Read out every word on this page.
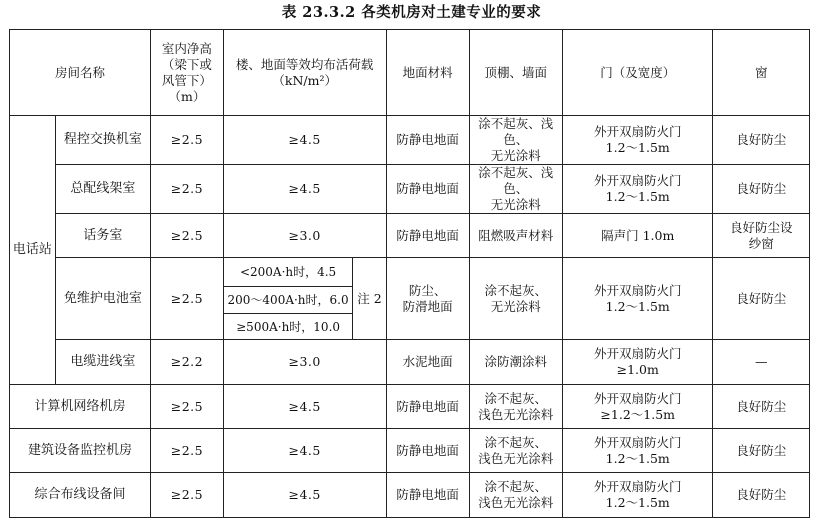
表 23.3.2 各类机房对土建专业的要求
房间名称		室内净高
（梁下或
风管下）
（m）	楼、地面等效均布活荷载
（kN/m²）		地面材料	顶棚、墙面	门（及宽度）	窗
电话站	程控交换机室	≥2.5	≥4.5		防静电地面	涂不起灰、浅色、
无光涂料	外开双扇防火门
1.2～1.5m	良好防尘
	总配线架室	≥2.5	≥4.5		防静电地面	涂不起灰、浅色、
无光涂料	外开双扇防火门
1.2～1.5m	良好防尘
	话务室	≥2.5	≥3.0		防静电地面	阻燃吸声材料	隔声门 1.0m	良好防尘设
纱窗
	免维护电池室	≥2.5	<200A·h时，4.5	注 2	防尘、
防滑地面	涂不起灰、
无光涂料	外开双扇防火门
1.2～1.5m	良好防尘
			200～400A·h时，6.0					
			≥500A·h时，10.0					
	电缆进线室	≥2.2	≥3.0		水泥地面	涂防潮涂料	外开双扇防火门
≥1.0m	—
计算机网络机房		≥2.5	≥4.5		防静电地面	涂不起灰、
浅色无光涂料	外开双扇防火门
≥1.2～1.5m	良好防尘
建筑设备监控机房		≥2.5	≥4.5		防静电地面	涂不起灰、
浅色无光涂料	外开双扇防火门
1.2～1.5m	良好防尘
综合布线设备间		≥2.5	≥4.5		防静电地面	涂不起灰、
浅色无光涂料	外开双扇防火门
1.2～1.5m	良好防尘
